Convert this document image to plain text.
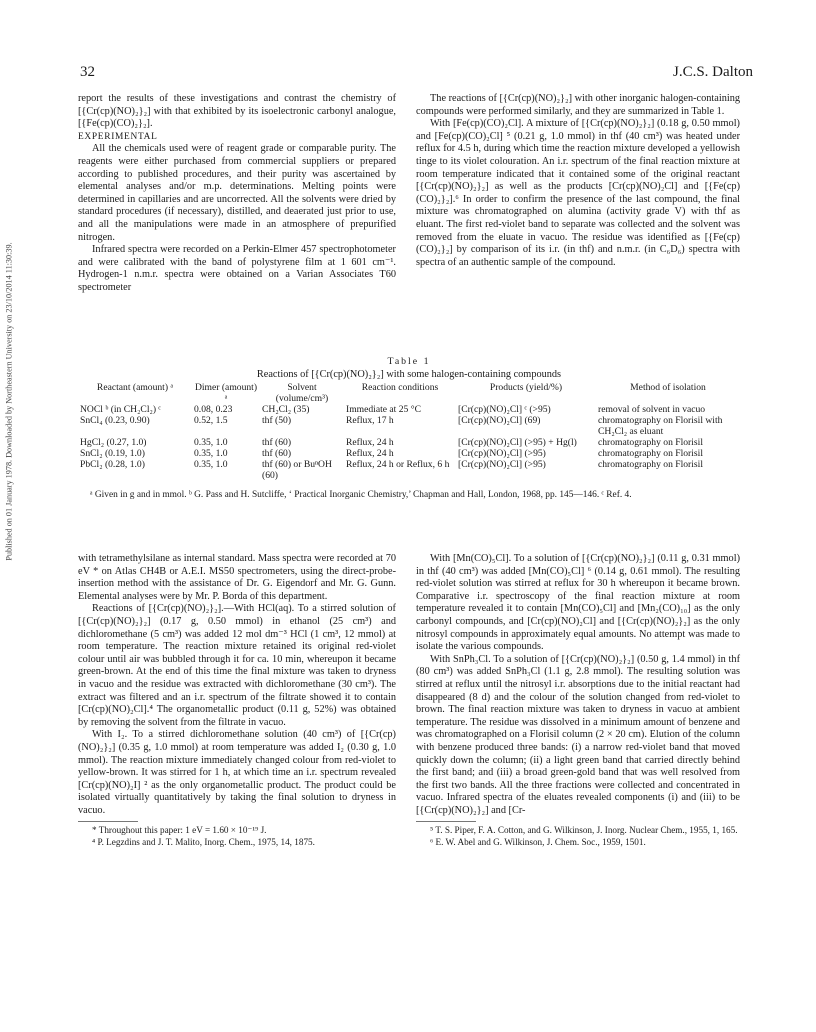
Published on 01 January 1978. Downloaded by Northeastern University on 23/10/2014 11:30:39.
32	J.C.S. Dalton

report the results of these investigations and contrast the chemistry of [{Cr(cp)(NO)₂}₂] with that exhibited by its isoelectronic carbonyl analogue, [{Fe(cp)(CO)₂}₂].

EXPERIMENTAL

All the chemicals used were of reagent grade or comparable purity. The reagents were either purchased from commercial suppliers or prepared according to published procedures, and their purity was ascertained by elemental analyses and/or m.p. determinations. Melting points were determined in capillaries and are uncorrected. All the solvents were dried by standard procedures (if necessary), distilled, and deaerated just prior to use, and all the manipulations were made in an atmosphere of prepurified nitrogen.

Infrared spectra were recorded on a Perkin-Elmer 457 spectrophotometer and were calibrated with the band of polystyrene film at 1 601 cm⁻¹. Hydrogen-1 n.m.r. spectra were obtained on a Varian Associates T60 spectrometer

The reactions of [{Cr(cp)(NO)₂}₂] with other inorganic halogen-containing compounds were performed similarly, and they are summarized in Table 1.

With [Fe(cp)(CO)₂Cl]. A mixture of [{Cr(cp)(NO)₂}₂] (0.18 g, 0.50 mmol) and [Fe(cp)(CO)₂Cl] ⁵ (0.21 g, 1.0 mmol) in thf (40 cm³) was heated under reflux for 4.5 h, during which time the reaction mixture developed a yellowish tinge to its violet colouration. An i.r. spectrum of the final reaction mixture at room temperature indicated that it contained some of the original reactant [{Cr(cp)(NO)₂}₂] as well as the products [Cr(cp)(NO)₂Cl] and [{Fe(cp)(CO)₂}₂].⁶ In order to confirm the presence of the last compound, the final mixture was chromatographed on alumina (activity grade V) with thf as eluant. The first red-violet band to separate was collected and the solvent was removed from the eluate in vacuo. The residue was identified as [{Fe(cp)(CO)₂}₂] by comparison of its i.r. (in thf) and n.m.r. (in C₆D₆) spectra with spectra of an authentic sample of the compound.

Table 1
Reactions of [{Cr(cp)(NO)₂}₂] with some halogen-containing compounds
Reactant (amount) ᵃ	Dimer (amount) ᵃ	Solvent (volume/cm³)	Reaction conditions	Products (yield/%)	Method of isolation
NOCl ᵇ (in CH₂Cl₂) ᶜ	0.08, 0.23	CH₂Cl₂ (35)	Immediate at 25 °C	[Cr(cp)(NO)₂Cl] ᶜ (>95)	removal of solvent in vacuo
SnCl₄ (0.23, 0.90)	0.52, 1.5	thf (50)	Reflux, 17 h	[Cr(cp)(NO)₂Cl] (69)	chromatography on Florisil with CH₂Cl₂ as eluant
HgCl₂ (0.27, 1.0)	0.35, 1.0	thf (60)	Reflux, 24 h	[Cr(cp)(NO)₂Cl] (>95) + Hg(l)	chromatography on Florisil
SnCl₂ (0.19, 1.0)	0.35, 1.0	thf (60)	Reflux, 24 h	[Cr(cp)(NO)₂Cl] (>95)	chromatography on Florisil
PbCl₂ (0.28, 1.0)	0.35, 1.0	thf (60) or BuⁿOH (60)	Reflux, 24 h or Reflux, 6 h	[Cr(cp)(NO)₂Cl] (>95)	chromatography on Florisil
ᵃ Given in g and in mmol. ᵇ G. Pass and H. Sutcliffe, ‘ Practical Inorganic Chemistry,’ Chapman and Hall, London, 1968, pp. 145—146. ᶜ Ref. 4.

with tetramethylsilane as internal standard. Mass spectra were recorded at 70 eV * on Atlas CH4B or A.E.I. MS50 spectrometers, using the direct-probe-insertion method with the assistance of Dr. G. Eigendorf and Mr. G. Gunn. Elemental analyses were by Mr. P. Borda of this department.

Reactions of [{Cr(cp)(NO)₂}₂].—With HCl(aq). To a stirred solution of [{Cr(cp)(NO)₂}₂] (0.17 g, 0.50 mmol) in ethanol (25 cm³) and dichloromethane (5 cm³) was added 12 mol dm⁻³ HCl (1 cm³, 12 mmol) at room temperature. The reaction mixture retained its original red-violet colour until air was bubbled through it for ca. 10 min, whereupon it became green-brown. At the end of this time the final mixture was taken to dryness in vacuo and the residue was extracted with dichloromethane (30 cm³). The extract was filtered and an i.r. spectrum of the filtrate showed it to contain [Cr(cp)(NO)₂Cl].⁴ The organometallic product (0.11 g, 52%) was obtained by removing the solvent from the filtrate in vacuo.

With I₂. To a stirred dichloromethane solution (40 cm³) of [{Cr(cp)(NO)₂}₂] (0.35 g, 1.0 mmol) at room temperature was added I₂ (0.30 g, 1.0 mmol). The reaction mixture immediately changed colour from red-violet to yellow-brown. It was stirred for 1 h, at which time an i.r. spectrum revealed [Cr(cp)(NO)₂I] ² as the only organometallic product. The product could be isolated virtually quantitatively by taking the final solution to dryness in vacuo.

* Throughout this paper: 1 eV = 1.60 × 10⁻¹⁹ J.

⁴ P. Legzdins and J. T. Malito, Inorg. Chem., 1975, 14, 1875.

With [Mn(CO)₅Cl]. To a solution of [{Cr(cp)(NO)₂}₂] (0.11 g, 0.31 mmol) in thf (40 cm³) was added [Mn(CO)₅Cl] ⁶ (0.14 g, 0.61 mmol). The resulting red-violet solution was stirred at reflux for 30 h whereupon it became brown. Comparative i.r. spectroscopy of the final reaction mixture at room temperature revealed it to contain [Mn(CO)₅Cl] and [Mn₂(CO)₁₀] as the only carbonyl compounds, and [Cr(cp)(NO)₂Cl] and [{Cr(cp)(NO)₂}₂] as the only nitrosyl compounds in approximately equal amounts. No attempt was made to isolate the various compounds.

With SnPh₃Cl. To a solution of [{Cr(cp)(NO)₂}₂] (0.50 g, 1.4 mmol) in thf (80 cm³) was added SnPh₃Cl (1.1 g, 2.8 mmol). The resulting solution was stirred at reflux until the nitrosyl i.r. absorptions due to the initial reactant had disappeared (8 d) and the colour of the solution changed from red-violet to brown. The final reaction mixture was taken to dryness in vacuo at ambient temperature. The residue was dissolved in a minimum amount of benzene and was chromatographed on a Florisil column (2 × 20 cm). Elution of the column with benzene produced three bands: (i) a narrow red-violet band that moved quickly down the column; (ii) a light green band that carried directly behind the first band; and (iii) a broad green-gold band that was well resolved from the first two bands. All the three fractions were collected and concentrated in vacuo. Infrared spectra of the eluates revealed components (i) and (iii) to be [{Cr(cp)(NO)₂}₂] and [Cr-

⁵ T. S. Piper, F. A. Cotton, and G. Wilkinson, J. Inorg. Nuclear Chem., 1955, 1, 165.

⁶ E. W. Abel and G. Wilkinson, J. Chem. Soc., 1959, 1501.
